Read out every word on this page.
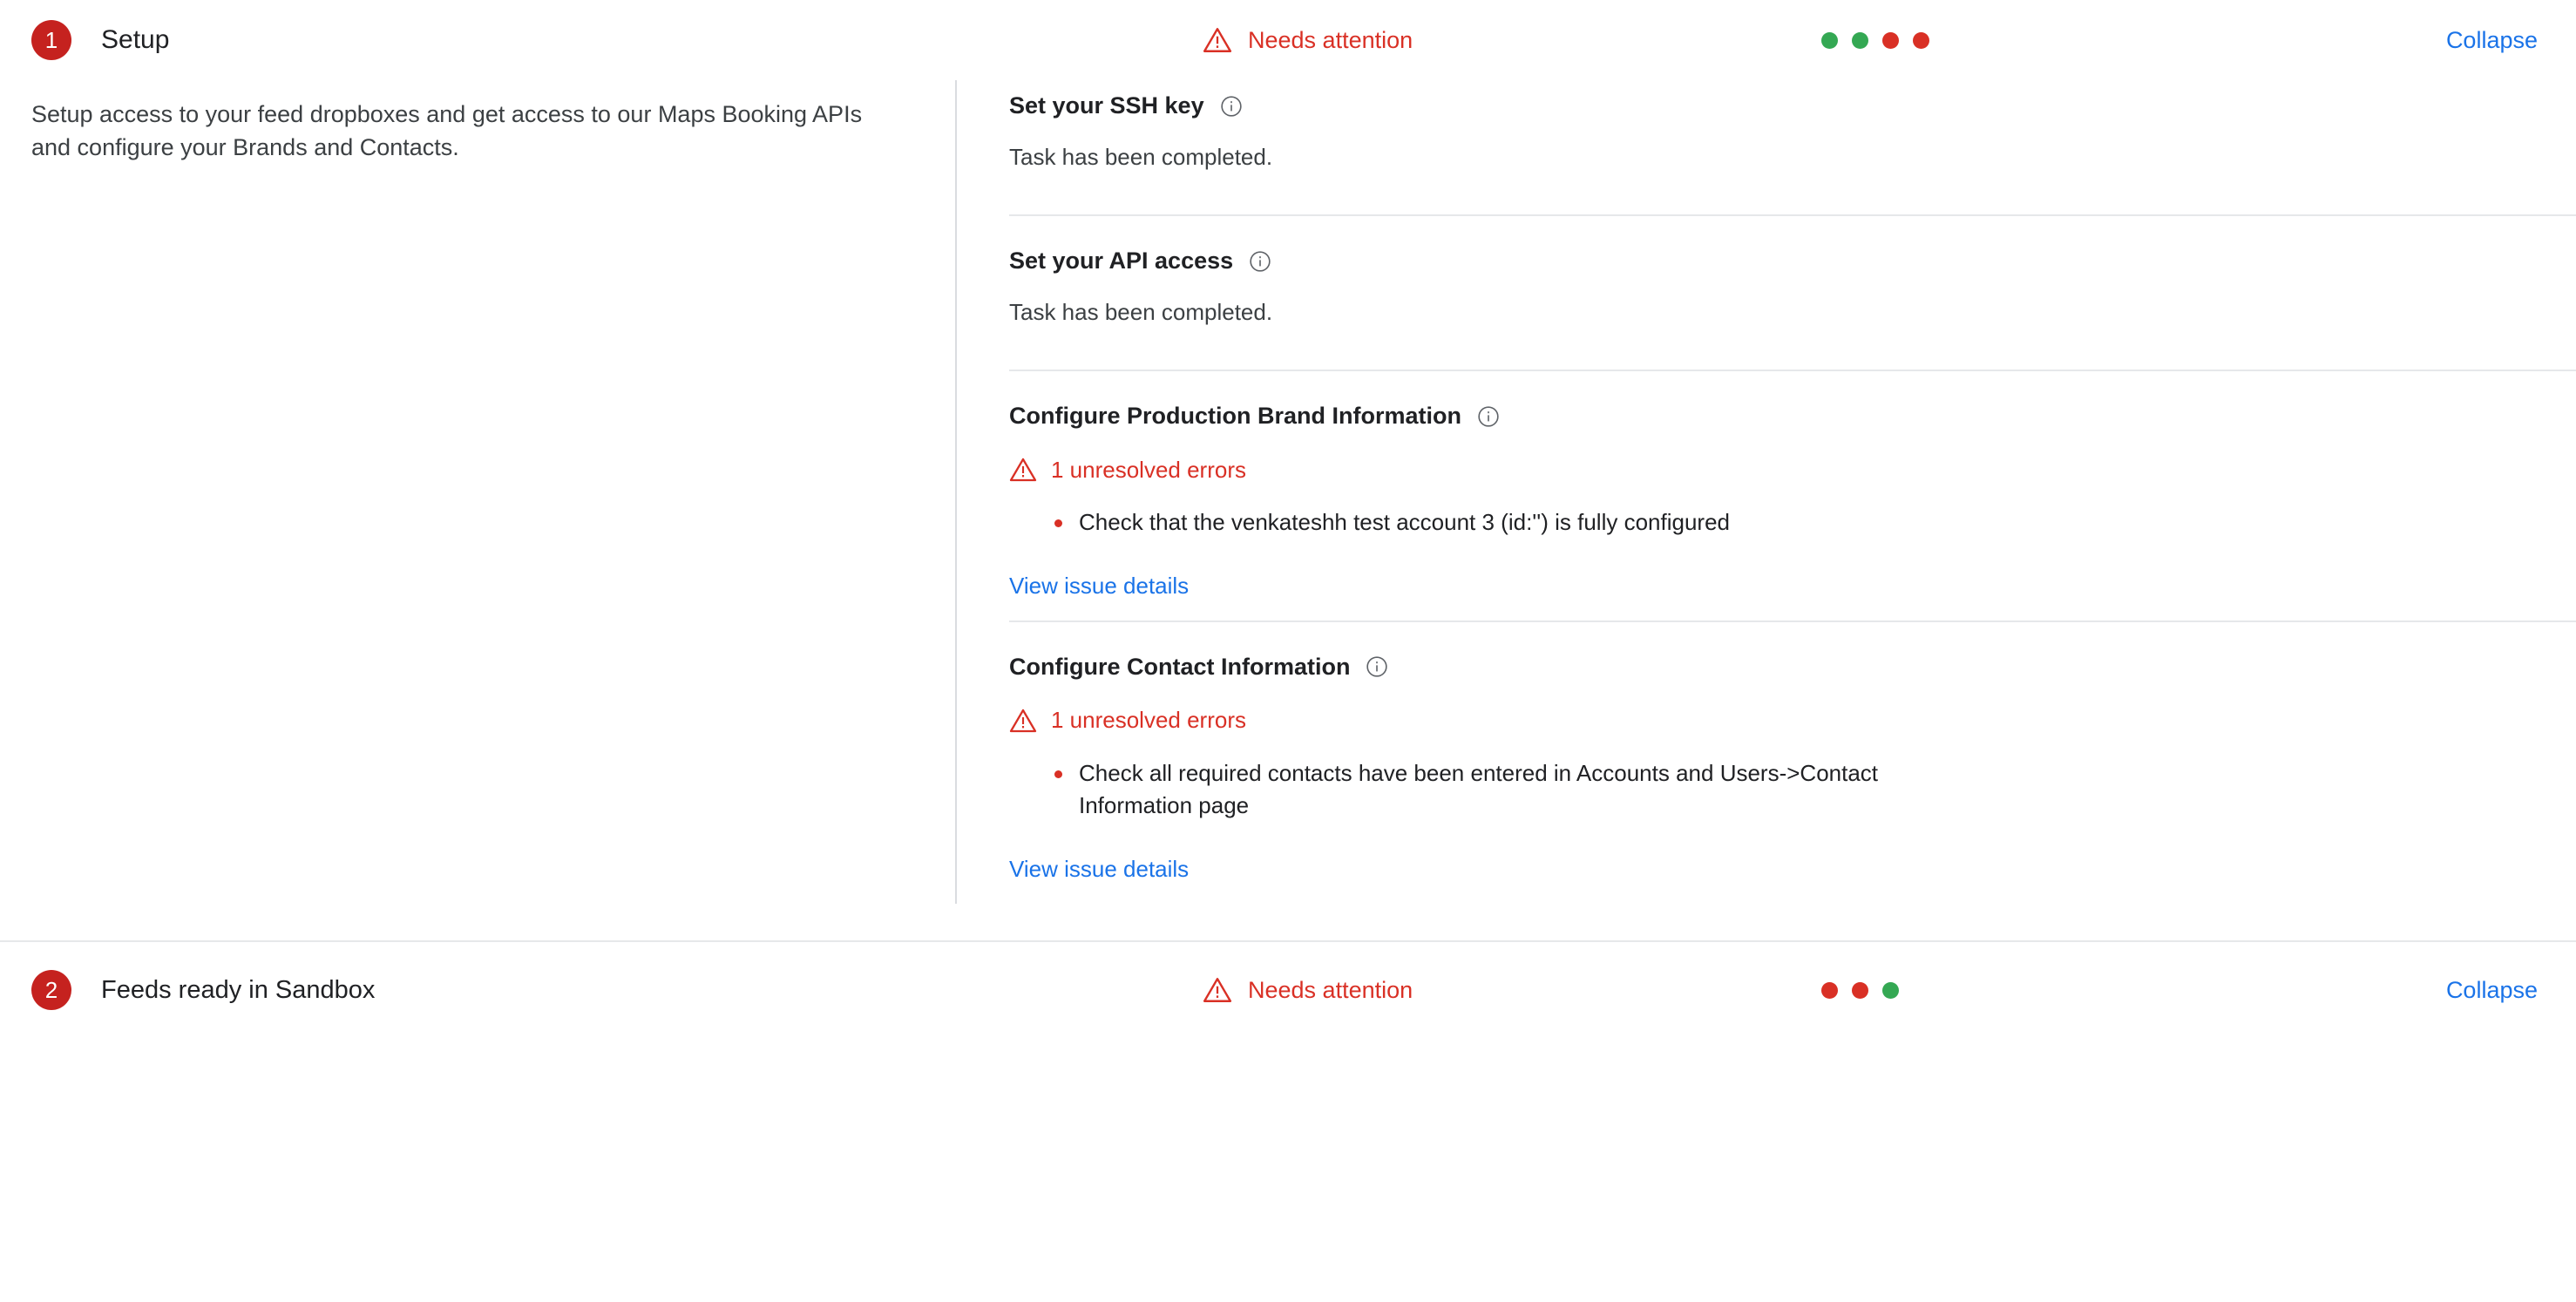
1	Setup	Needs attention	Collapse
Setup access to your feed dropboxes and get access to our Maps Booking APIs and configure your Brands and Contacts.
Set your SSH key
Task has been completed.
Set your API access
Task has been completed.
Configure Production Brand Information
1 unresolved errors
Check that the venkateshh test account 3 (id:'') is fully configured
View issue details
Configure Contact Information
1 unresolved errors
Check all required contacts have been entered in Accounts and Users->Contact Information page
View issue details
2	Feeds ready in Sandbox	Needs attention	Collapse
